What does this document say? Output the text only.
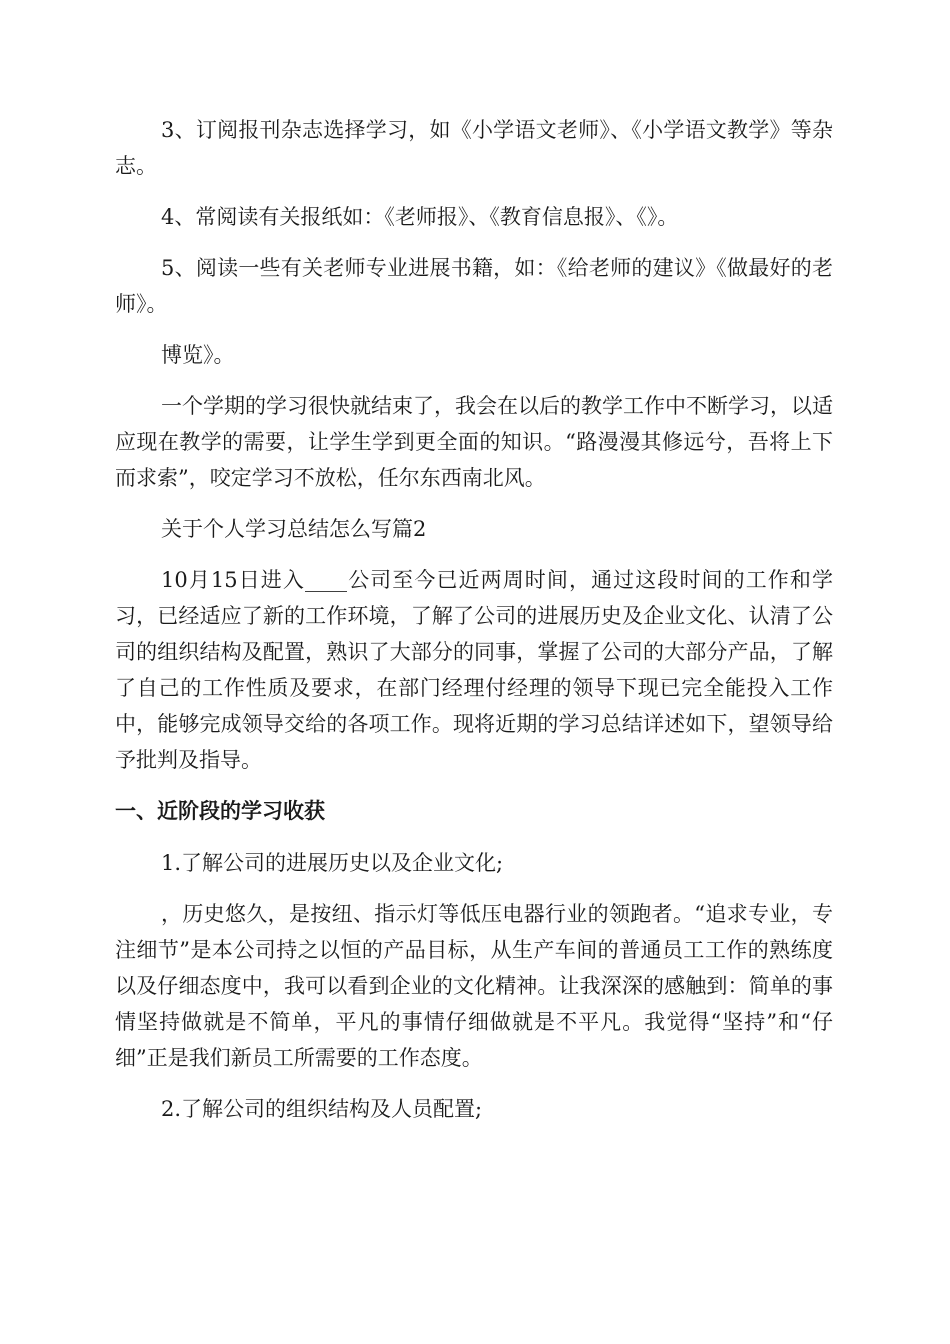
3、订阅报刊杂志选择学习，如《小学语文老师》、《小学语文教学》等杂志。

4、常阅读有关报纸如：《老师报》、《教育信息报》、《》。

5、阅读一些有关老师专业进展书籍，如：《给老师的建议》《做最好的老师》。

博览》。

一个学期的学习很快就结束了，我会在以后的教学工作中不断学习，以适应现在教学的需要，让学生学到更全面的知识。“路漫漫其修远兮，吾将上下而求索”，咬定学习不放松，任尔东西南北风。

关于个人学习总结怎么写篇2

10月15日进入____公司至今已近两周时间，通过这段时间的工作和学习，已经适应了新的工作环境，了解了公司的进展历史及企业文化、认清了公司的组织结构及配置，熟识了大部分的同事，掌握了公司的大部分产品，了解了自己的工作性质及要求，在部门经理付经理的领导下现已完全能投入工作中，能够完成领导交给的各项工作。现将近期的学习总结详述如下，望领导给予批判及指导。

一、近阶段的学习收获

1.了解公司的进展历史以及企业文化;

，历史悠久，是按纽、指示灯等低压电器行业的领跑者。“追求专业，专注细节”是本公司持之以恒的产品目标，从生产车间的普通员工工作的熟练度以及仔细态度中，我可以看到企业的文化精神。让我深深的感触到：简单的事情坚持做就是不简单，平凡的事情仔细做就是不平凡。我觉得“坚持”和“仔细”正是我们新员工所需要的工作态度。

2.了解公司的组织结构及人员配置;
